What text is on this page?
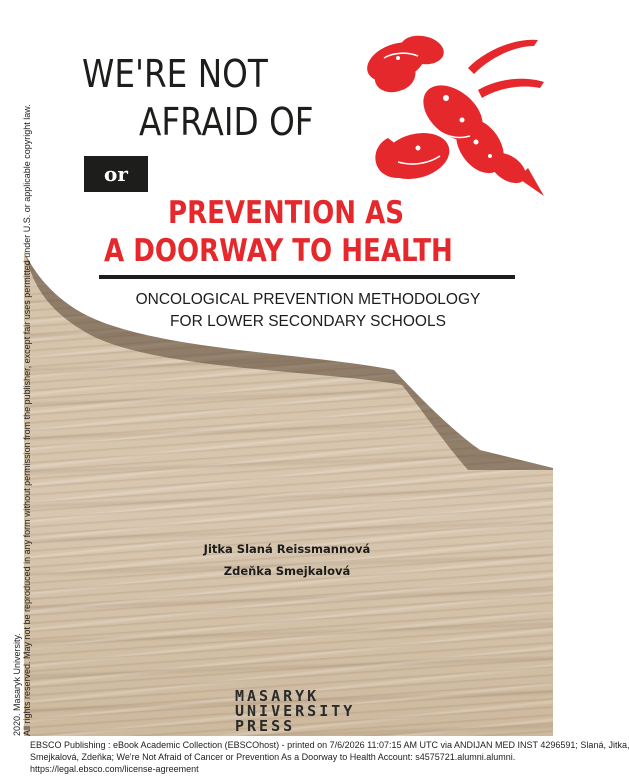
WE'RE NOT
AFRAID OF
or
PREVENTION AS
A DOORWAY TO HEALTH

ONCOLOGICAL PREVENTION METHODOLOGY

FOR LOWER SECONDARY SCHOOLS

Jitka Slaná Reissmannová

Zdeňka Smejkalová

MASARYK
UNIVERSITY
PRESS
2020. Masaryk University. All rights reserved. May not be reproduced in any form without permission from the publisher, except fair uses permitted under U.S. or applicable copyright law.
EBSCO Publishing : eBook Academic Collection (EBSCOhost) - printed on 7/6/2026 11:07:15 AM UTC via ANDIJAN MED INST 4296591; Slaná, Jitka,
Smejkalová, Zdeňka; We're Not Afraid of Cancer or Prevention As a Doorway to Health Account: s4575721.alumni.alumni.
https://legal.ebsco.com/license-agreement
